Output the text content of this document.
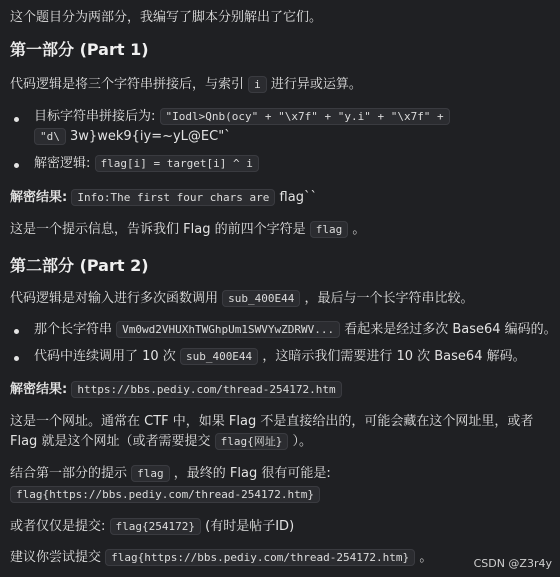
这个题目分为两部分，我编写了脚本分别解出了它们。
第一部分 (Part 1)
代码逻辑是将三个字符串拼接后，与索引 i 进行异或运算。
目标字符串拼接后为: "Iodl>Qnb(ocy" + "\x7f" + "y.i" + "\x7f" +
"d\ 3w}wek9{iy=~yL@EC"`
解密逻辑: flag[i] = target[i] ^ i
解密结果: Info:The first four chars are flag``
这是一个提示信息，告诉我们 Flag 的前四个字符是 flag 。
第二部分 (Part 2)
代码逻辑是对输入进行多次函数调用 sub_400E44 ，最后与一个长字符串比较。
那个长字符串 Vm0wd2VHUXhTWGhpUm1SWVYwZDRWV... 看起来是经过多次 Base64 编码的。
代码中连续调用了 10 次 sub_400E44 ，这暗示我们需要进行 10 次 Base64 解码。
解密结果: https://bbs.pediy.com/thread-254172.htm
这是一个网址。通常在 CTF 中，如果 Flag 不是直接给出的，可能会藏在这个网址里，或者
Flag 就是这个网址（或者需要提交 flag{网址} ）。
结合第一部分的提示 flag ，最终的 Flag 很有可能是:
flag{https://bbs.pediy.com/thread-254172.htm}
或者仅仅是提交: flag{254172} (有时是帖子ID)
建议你尝试提交 flag{https://bbs.pediy.com/thread-254172.htm} 。	CSDN @Z3r4y
